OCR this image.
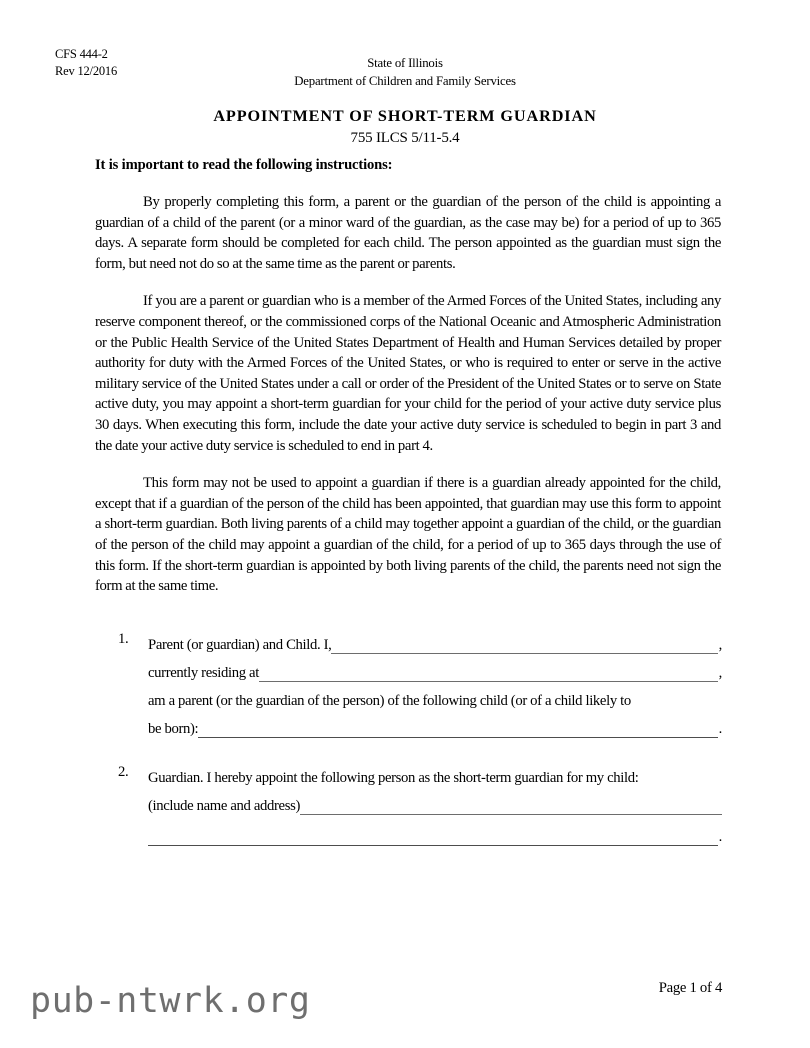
CFS 444-2
Rev 12/2016
State of Illinois
Department of Children and Family Services
APPOINTMENT OF SHORT-TERM GUARDIAN
755 ILCS 5/11-5.4
It is important to read the following instructions:

By properly completing this form, a parent or the guardian of the person of the child is appointing a guardian of a child of the parent (or a minor ward of the guardian, as the case may be) for a period of up to 365 days. A separate form should be completed for each child. The person appointed as the guardian must sign the form, but need not do so at the same time as the parent or parents.

If you are a parent or guardian who is a member of the Armed Forces of the United States, including any reserve component thereof, or the commissioned corps of the National Oceanic and Atmospheric Administration or the Public Health Service of the United States Department of Health and Human Services detailed by proper authority for duty with the Armed Forces of the United States, or who is required to enter or serve in the active military service of the United States under a call or order of the President of the United States or to serve on State active duty, you may appoint a short-term guardian for your child for the period of your active duty service plus 30 days. When executing this form, include the date your active duty service is scheduled to begin in part 3 and the date your active duty service is scheduled to end in part 4.

This form may not be used to appoint a guardian if there is a guardian already appointed for the child, except that if a guardian of the person of the child has been appointed, that guardian may use this form to appoint a short-term guardian. Both living parents of a child may together appoint a guardian of the child, or the guardian of the person of the child may appoint a guardian of the child, for a period of up to 365 days through the use of this form. If the short-term guardian is appointed by both living parents of the child, the parents need not sign the form at the same time.

1.	Parent (or guardian) and Child. I,	,
currently residing at	,
am a parent (or the guardian of the person) of the following child (or of a child likely to
be born):	.
2.	Guardian. I hereby appoint the following person as the short-term guardian for my child:
(include name and address)
.
Page 1 of 4
pub-ntwrk.org
